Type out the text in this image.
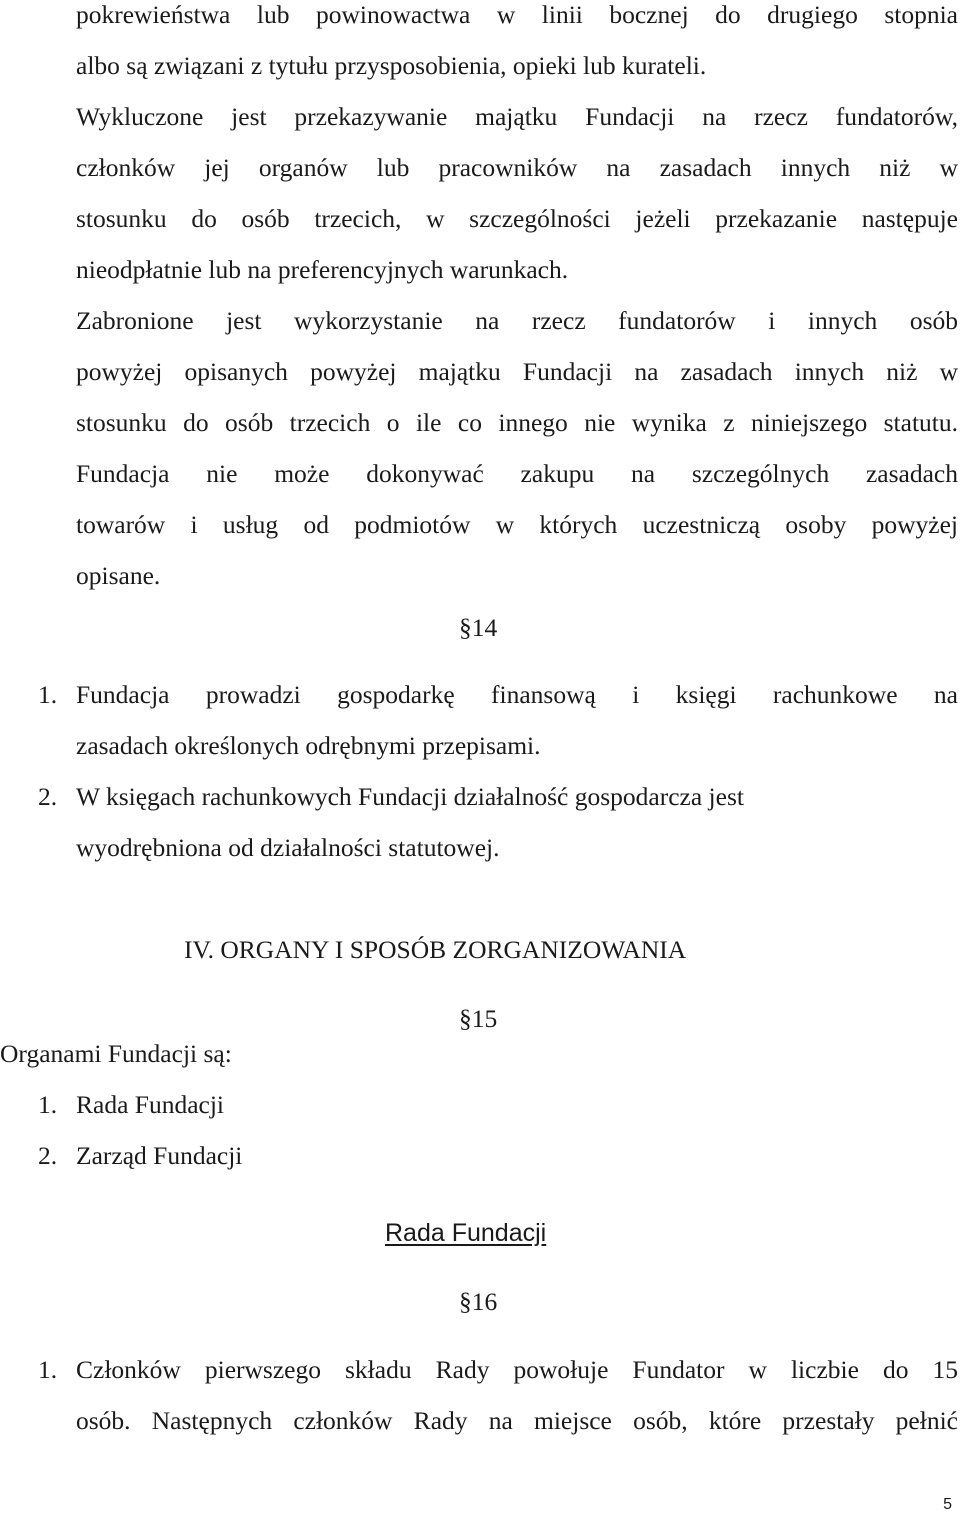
pokrewieństwa lub powinowactwa w linii bocznej do drugiego stopnia
albo są związani z tytułu przysposobienia, opieki lub kurateli.
Wykluczone jest przekazywanie majątku Fundacji na rzecz fundatorów,
członków jej organów lub pracowników na zasadach innych niż w
stosunku do osób trzecich, w szczególności jeżeli przekazanie następuje
nieodpłatnie lub na preferencyjnych warunkach.
Zabronione jest wykorzystanie na rzecz fundatorów i innych osób
powyżej opisanych powyżej majątku Fundacji na zasadach innych niż w
stosunku do osób trzecich o ile co innego nie wynika z niniejszego statutu.
Fundacja nie może dokonywać zakupu na szczególnych zasadach
towarów i usług od podmiotów w których uczestniczą osoby powyżej
opisane.
§14
1. Fundacja prowadzi gospodarkę finansową i księgi rachunkowe na
zasadach określonych odrębnymi przepisami.
2. W księgach rachunkowych Fundacji działalność gospodarcza jest
wyodrębniona od działalności statutowej.
IV. ORGANY I SPOSÓB ZORGANIZOWANIA
§15
Organami Fundacji są:
1. Rada Fundacji
2. Zarząd Fundacji
Rada Fundacji
§16
1. Członków pierwszego składu Rady powołuje Fundator w liczbie do 15
osób. Następnych członków Rady na miejsce osób, które przestały pełnić
5
